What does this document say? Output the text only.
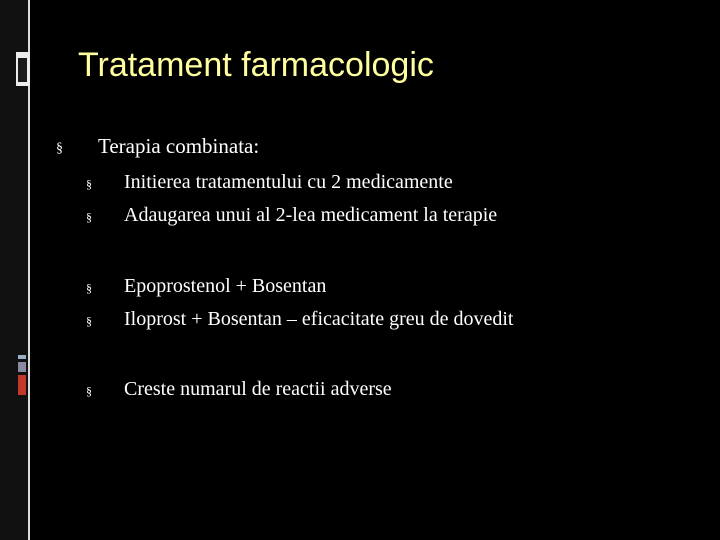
Tratament farmacologic
§ Terapia combinata:
§ Initierea tratamentului cu 2 medicamente
§ Adaugarea unui al 2-lea medicament la terapie
§ Epoprostenol + Bosentan
§ Iloprost + Bosentan – eficacitate greu de dovedit
§ Creste numarul de reactii adverse
